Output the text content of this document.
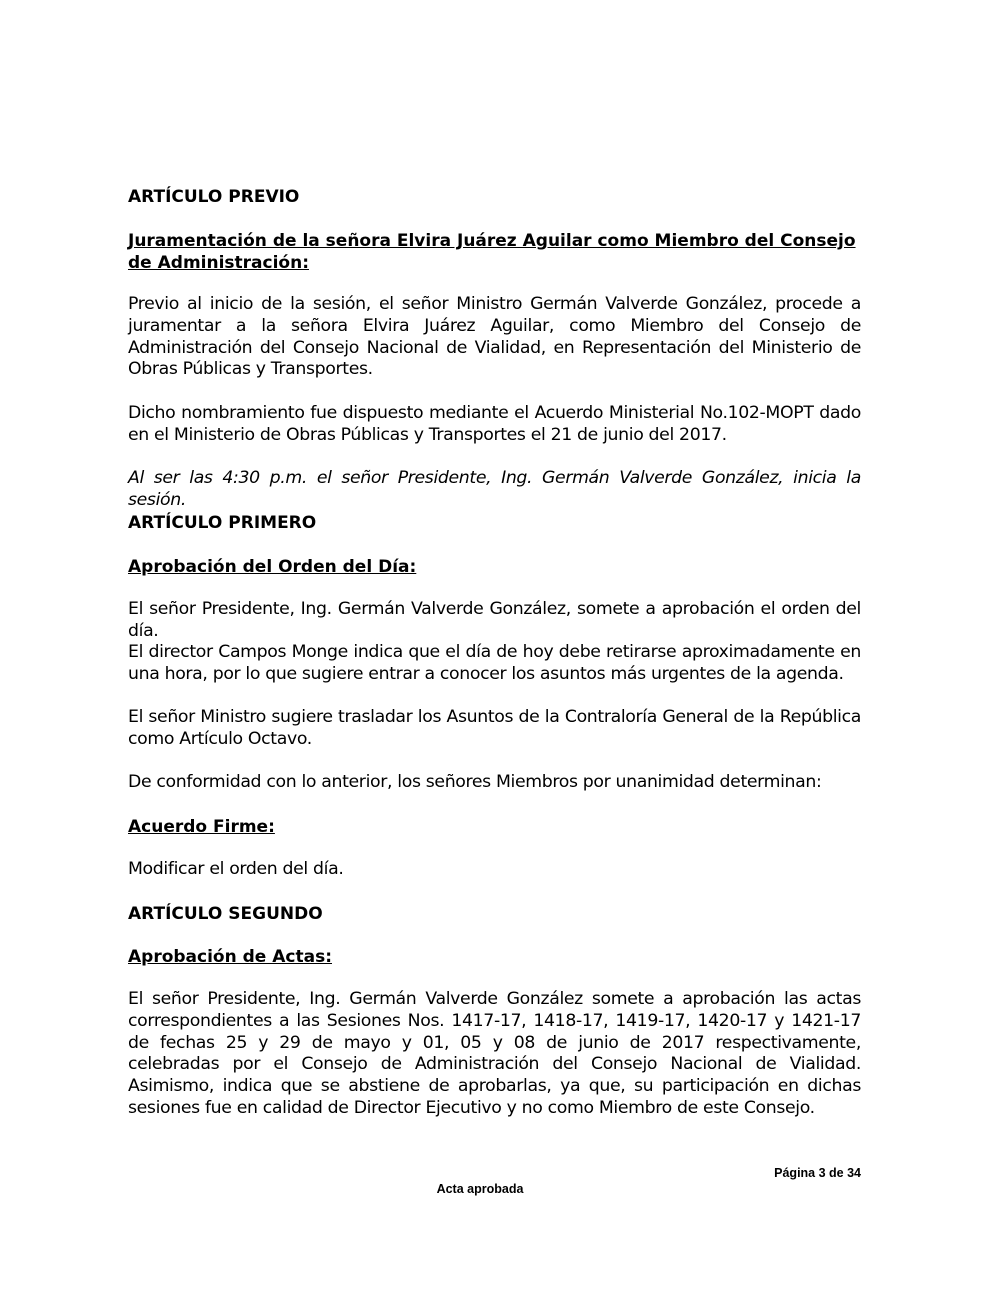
ARTÍCULO PREVIO

Juramentación de la señora Elvira Juárez Aguilar como Miembro del Consejo de Administración:

Previo al inicio de la sesión, el señor Ministro Germán Valverde González, procede a juramentar a la señora Elvira Juárez Aguilar, como Miembro del Consejo de Administración del Consejo Nacional de Vialidad, en Representación del Ministerio de Obras Públicas y Transportes.

Dicho nombramiento fue dispuesto mediante el Acuerdo Ministerial No.102-MOPT dado en el Ministerio de Obras Públicas y Transportes el 21 de junio del 2017.

Al ser las 4:30 p.m. el señor Presidente, Ing. Germán Valverde González, inicia la sesión.

ARTÍCULO PRIMERO

Aprobación del Orden del Día:

El señor Presidente, Ing. Germán Valverde González, somete a aprobación el orden del día.

El director Campos Monge indica que el día de hoy debe retirarse aproximadamente en una hora, por lo que sugiere entrar a conocer los asuntos más urgentes de la agenda.

El señor Ministro sugiere trasladar los Asuntos de la Contraloría General de la República como Artículo Octavo.

De conformidad con lo anterior, los señores Miembros por unanimidad determinan:

Acuerdo Firme:

Modificar el orden del día.

ARTÍCULO SEGUNDO

Aprobación de Actas:

El señor Presidente, Ing. Germán Valverde González somete a aprobación las actas correspondientes a las Sesiones Nos. 1417-17, 1418-17, 1419-17, 1420-17 y 1421-17 de fechas 25 y 29 de mayo y 01, 05 y 08 de junio de 2017 respectivamente, celebradas por el Consejo de Administración del Consejo Nacional de Vialidad. Asimismo, indica que se abstiene de aprobarlas, ya que, su participación en dichas sesiones fue en calidad de Director Ejecutivo y no como Miembro de este Consejo.

Página 3 de 34
Acta aprobada
